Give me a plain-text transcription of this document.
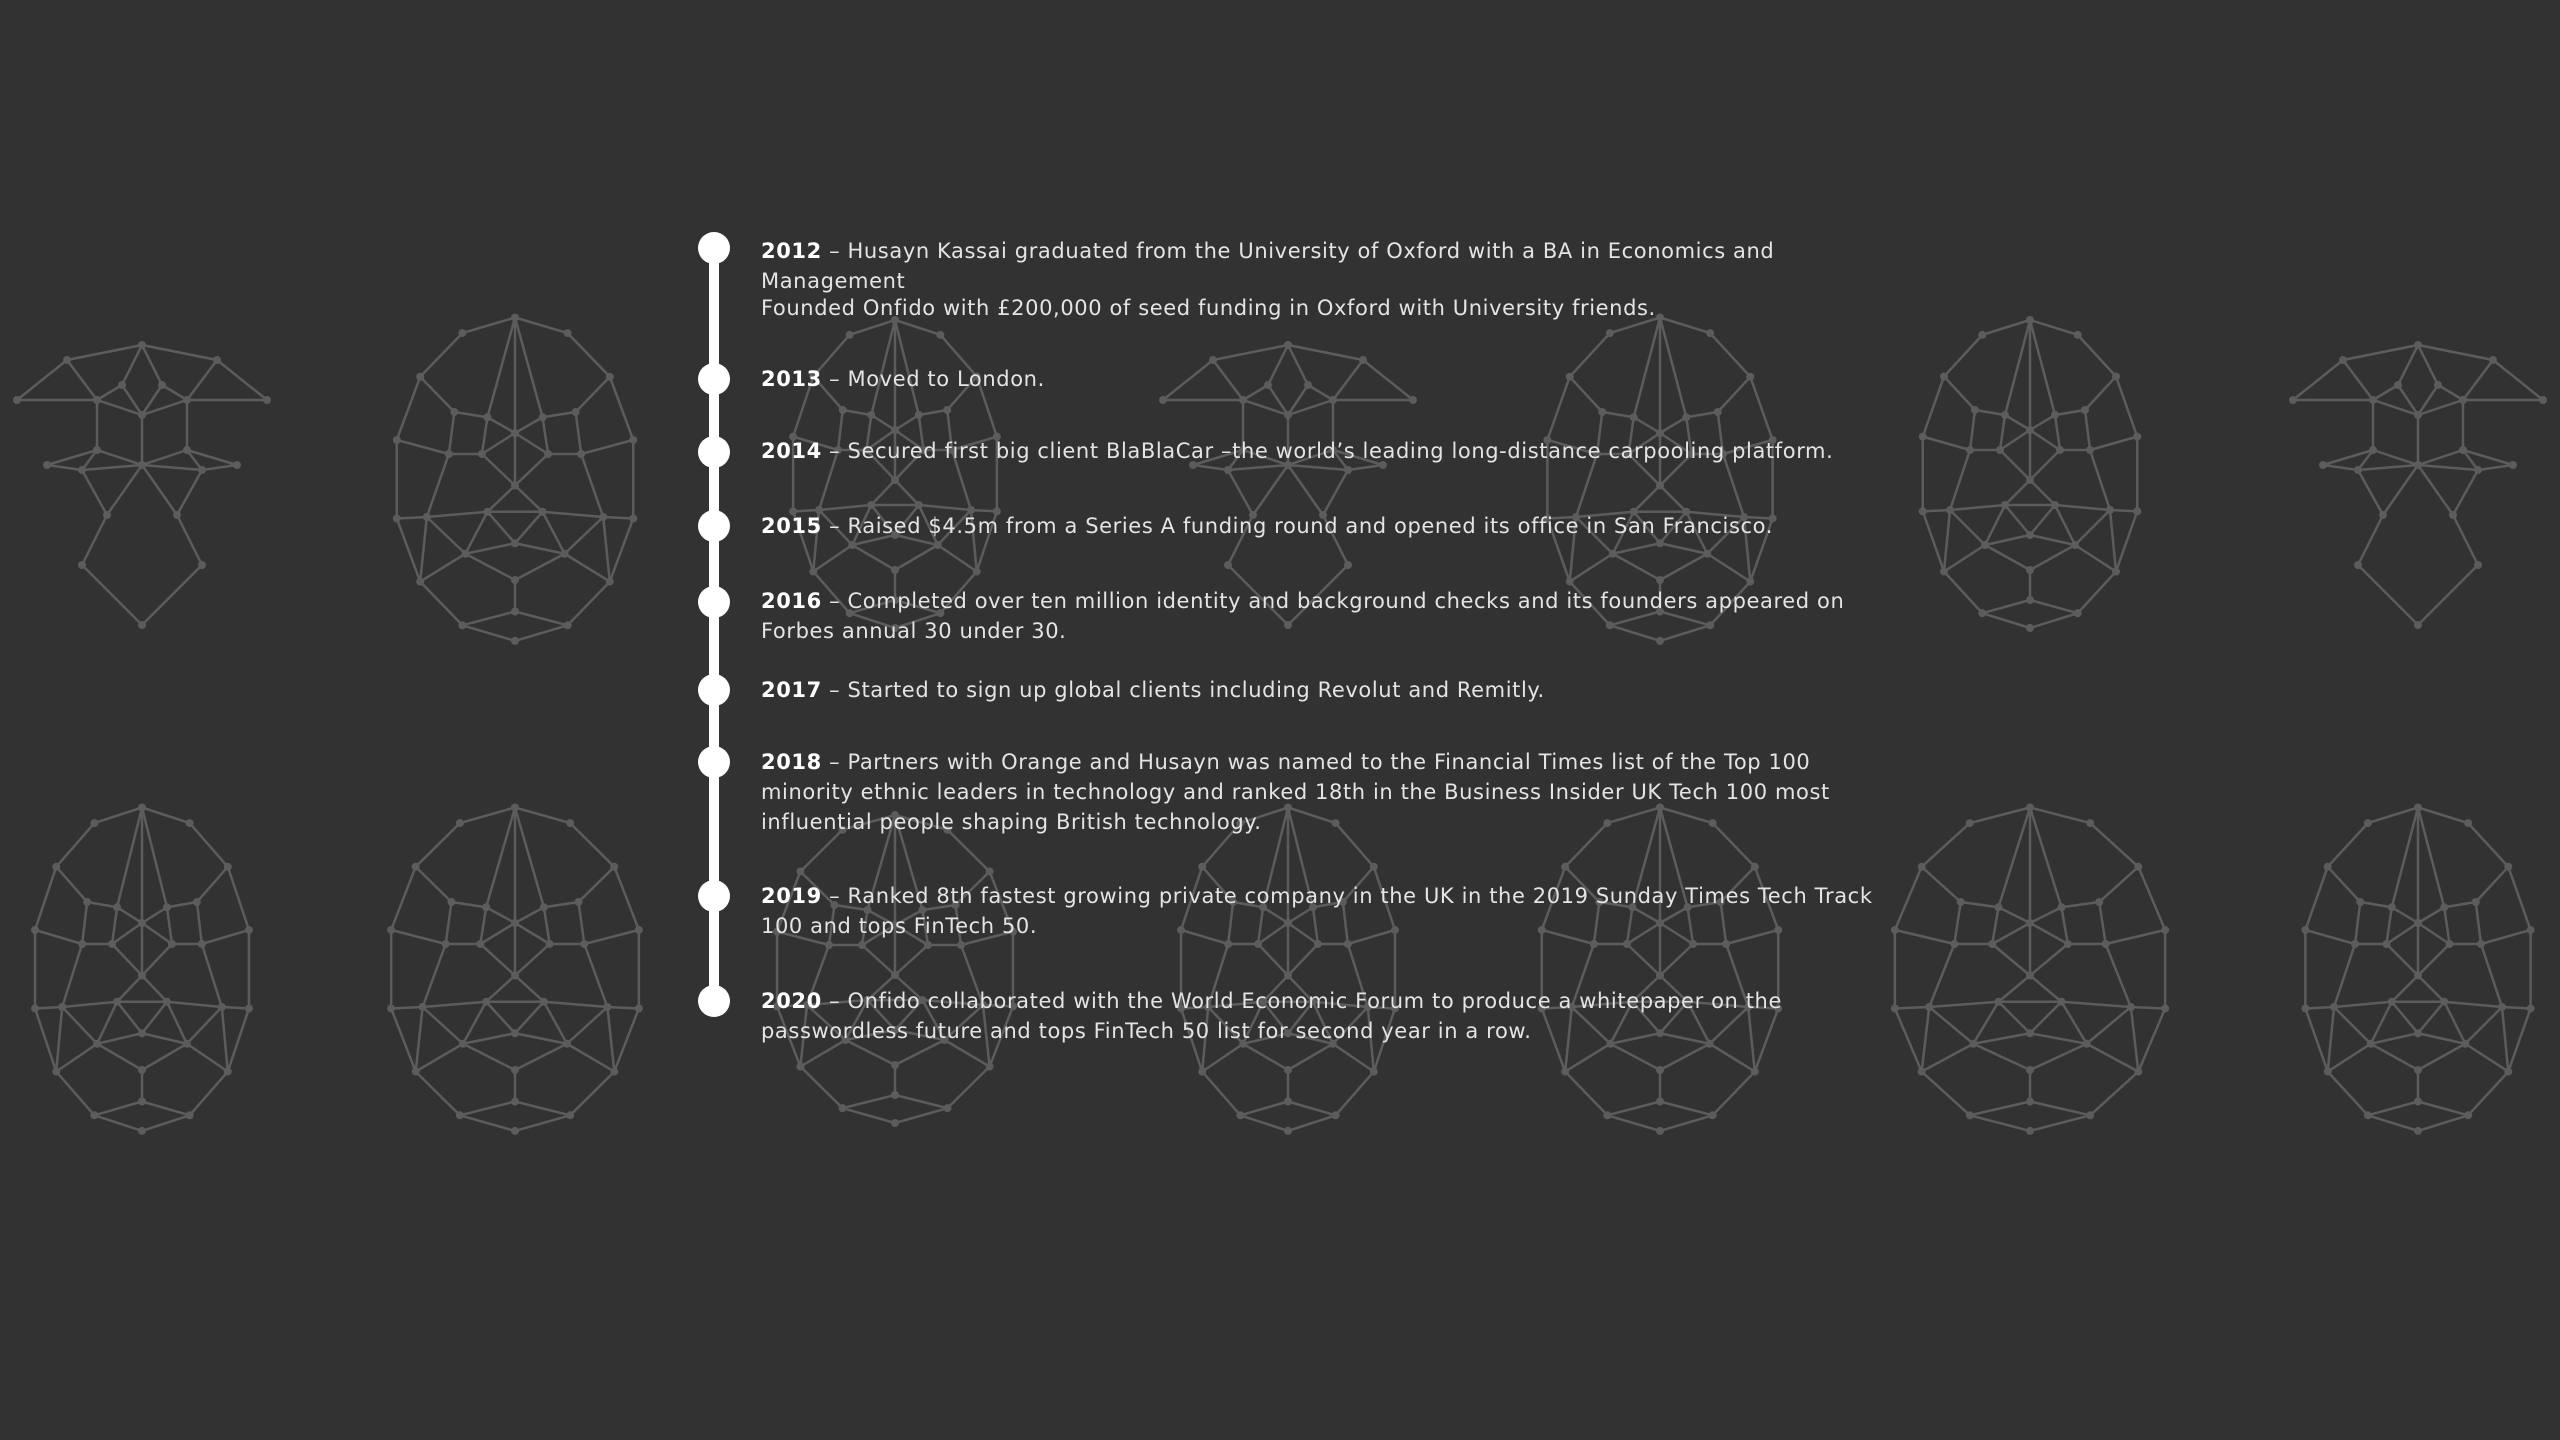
2012 – Husayn Kassai graduated from the University of Oxford with a BA in Economics and Management
Founded Onfido with £200,000 of seed funding in Oxford with University friends.
2013 – Moved to London.
2014 – Secured first big client BlaBlaCar –the world’s leading long-distance carpooling platform.
2015 – Raised $4.5m from a Series A funding round and opened its office in San Francisco.
2016 – Completed over ten million identity and background checks and its founders appeared on Forbes annual 30 under 30.
2017 – Started to sign up global clients including Revolut and Remitly.
2018 – Partners with Orange and Husayn was named to the Financial Times list of the Top 100 minority ethnic leaders in technology and ranked 18th in the Business Insider UK Tech 100 most influential people shaping British technology.
2019 – Ranked 8th fastest growing private company in the UK in the 2019 Sunday Times Tech Track 100 and tops FinTech 50.
2020 – Onfido collaborated with the World Economic Forum to produce a whitepaper on the passwordless future and tops FinTech 50 list for second year in a row.
